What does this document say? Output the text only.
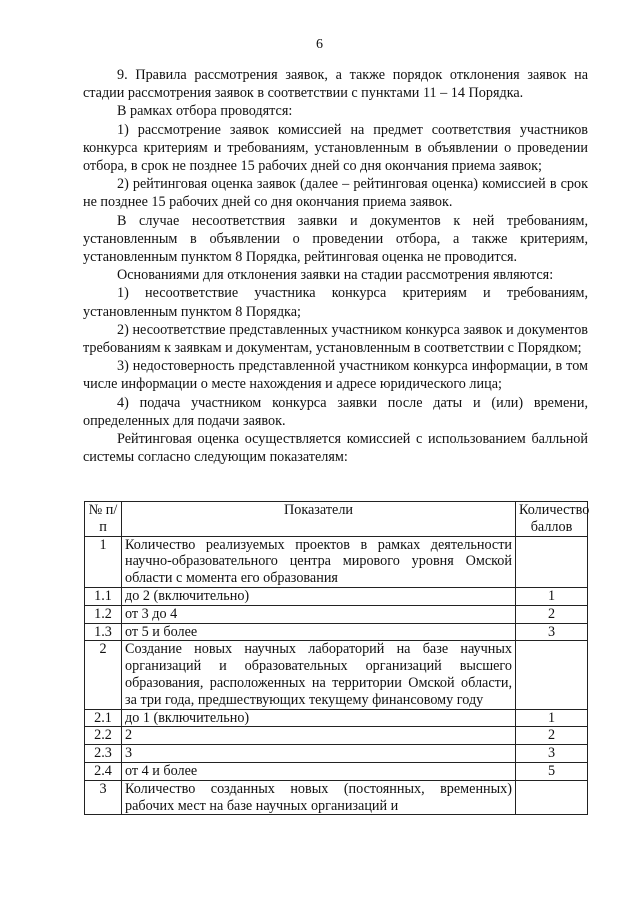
6

9. Правила рассмотрения заявок, а также порядок отклонения заявок на стадии рассмотрения заявок в соответствии с пунктами 11 – 14 Порядка.

В рамках отбора проводятся:

1) рассмотрение заявок комиссией на предмет соответствия участников конкурса критериям и требованиям, установленным в объявлении о проведении отбора, в срок не позднее 15 рабочих дней со дня окончания приема заявок;

2) рейтинговая оценка заявок (далее – рейтинговая оценка) комиссией в срок не позднее 15 рабочих дней со дня окончания приема заявок.

В случае несоответствия заявки и документов к ней требованиям, установленным в объявлении о проведении отбора, а также критериям, установленным пунктом 8 Порядка, рейтинговая оценка не проводится.

Основаниями для отклонения заявки на стадии рассмотрения являются:

1) несоответствие участника конкурса критериям и требованиям, установленным пунктом 8 Порядка;

2) несоответствие представленных участником конкурса заявок и документов требованиям к заявкам и документам, установленным в соответствии с Порядком;

3) недостоверность представленной участником конкурса информации, в том числе информации о месте нахождения и адресе юридического лица;

4) подача участником конкурса заявки после даты и (или) времени, определенных для подачи заявок.

Рейтинговая оценка осуществляется комиссией с использованием балльной системы согласно следующим показателям:

№ п/п	Показатели	Количество баллов
1	Количество реализуемых проектов в рамках деятельности научно-образовательного центра мирового уровня Омской области с момента его образования	
1.1	до 2 (включительно)	1
1.2	от 3 до 4	2
1.3	от 5 и более	3
2	Создание новых научных лабораторий на базе научных организаций и образовательных организаций высшего образования, расположенных на территории Омской области, за три года, предшествующих текущему финансовому году	
2.1	до 1 (включительно)	1
2.2	2	2
2.3	3	3
2.4	от 4 и более	5
3	Количество созданных новых (постоянных, временных) рабочих мест на базе научных организаций и	
